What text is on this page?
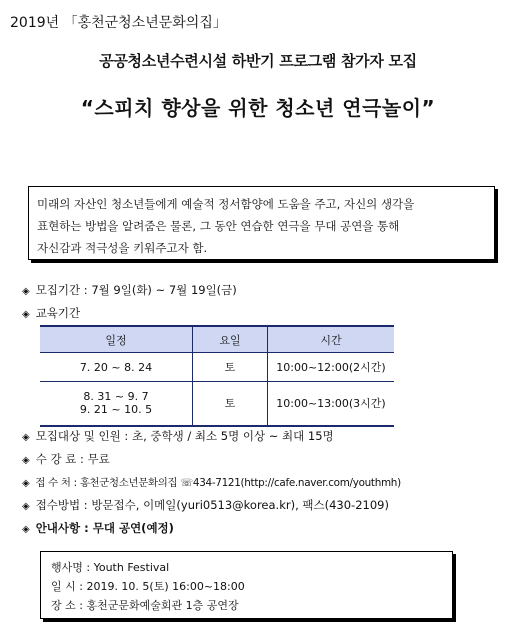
2019년 「홍천군청소년문화의집」
공공청소년수련시설 하반기 프로그램 참가자 모집
“스피치 향상을 위한 청소년 연극놀이”
미래의 자산인 청소년들에게 예술적 정서함양에 도움을 주고, 자신의 생각을
표현하는 방법을 알려줌은 물론, 그 동안 연습한 연극을 무대 공연을 통해
자신감과 적극성을 키워주고자 함.
◈ 모집기간 : 7월 9일(화) ~ 7월 19일(금)
◈ 교육기간
일정	요일	시간
7. 20 ~ 8. 24	토	10:00~12:00(2시간)

8. 31 ~ 9. 7
9. 21 ~ 10. 5	토	10:00~13:00(3시간)
◈ 모집대상 및 인원 : 초, 중학생 / 최소 5명 이상 ~ 최대 15명
◈ 수 강 료 : 무료
◈ 접 수 처 : 홍천군청소년문화의집 ☏434-7121(http://cafe.naver.com/youthmh)
◈ 접수방법 : 방문접수, 이메일(yuri0513@korea.kr), 팩스(430-2109)
◈ 안내사항 : 무대 공연(예정)
행사명 : Youth Festival
일 시 : 2019. 10. 5(토) 16:00~18:00
장 소 : 홍천군문화예술회관 1층 공연장
